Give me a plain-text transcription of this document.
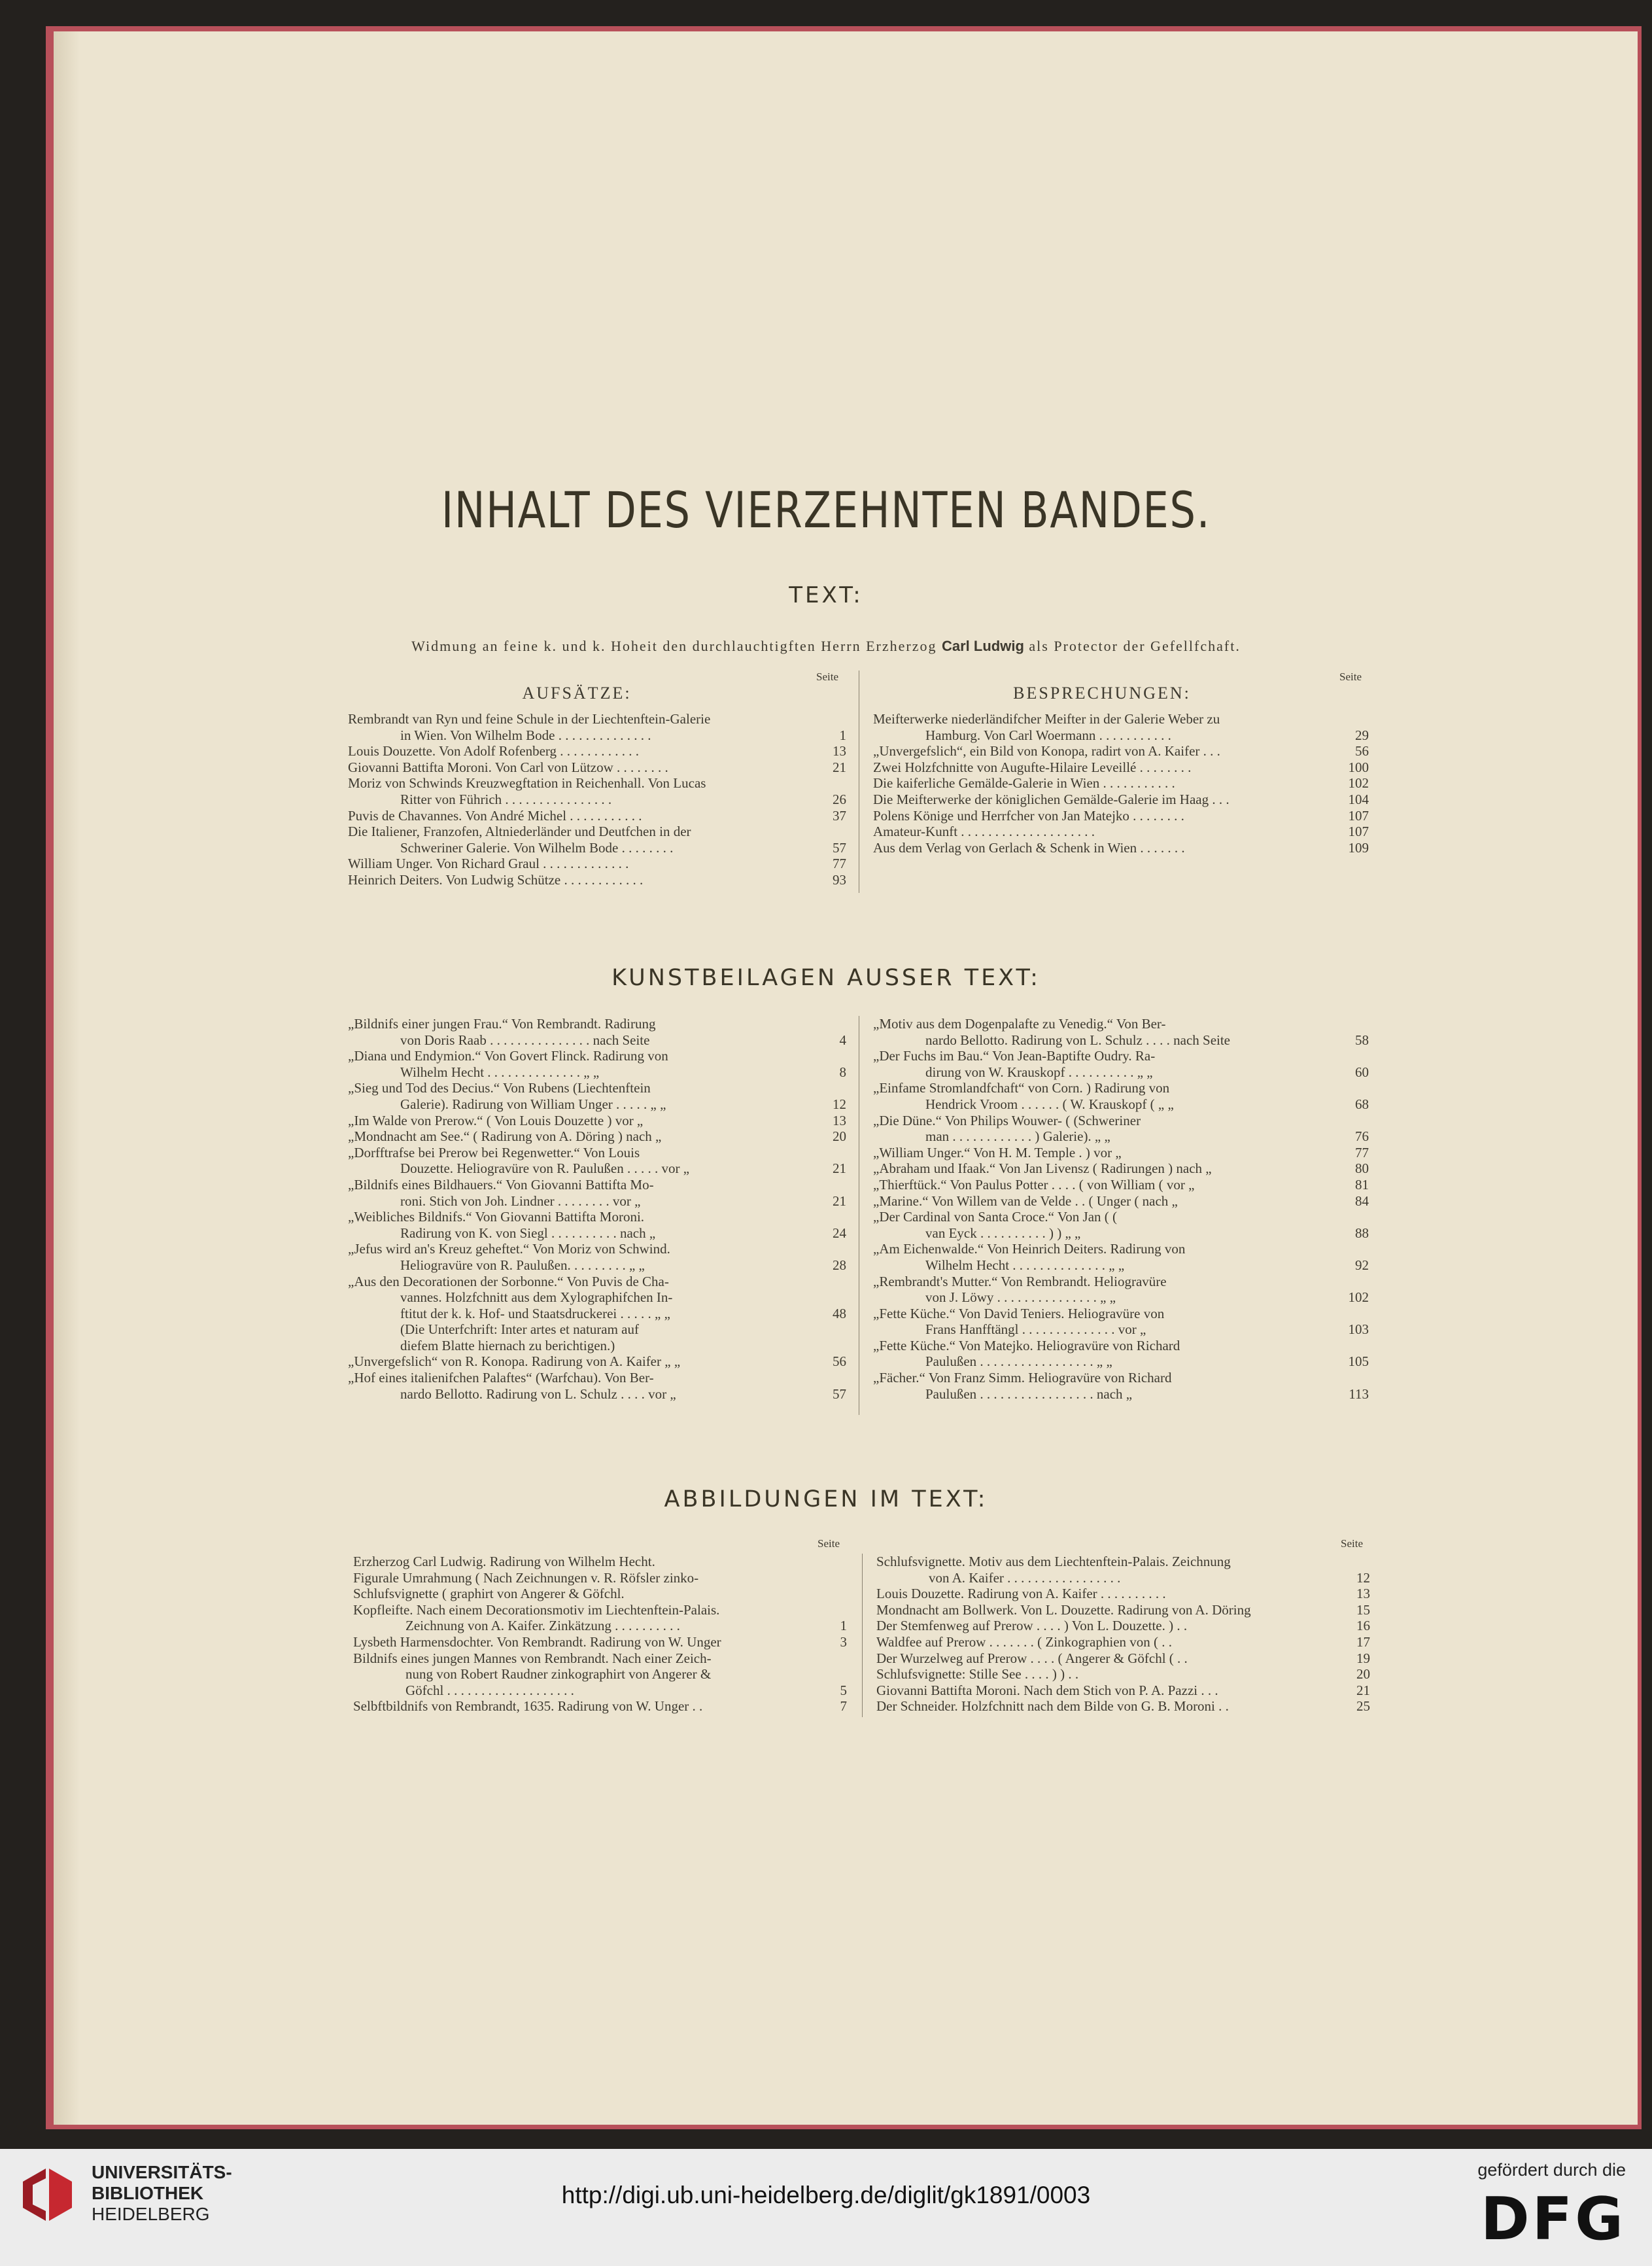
INHALT DES VIERZEHNTEN BANDES.
TEXT:
Widmung an feine k. und k. Hoheit den durchlauchtigften Herrn Erzherzog Carl Ludwig als Protector der Gefellfchaft.
Seite	Seite
AUFSÄTZE:	BESPRECHUNGEN:
Rembrandt van Ryn und feine Schule in der Liechtenftein-Galerie
in Wien. Von Wilhelm Bode . . . . . . . . . . . . . .	1
Louis Douzette. Von Adolf Rofenberg . . . . . . . . . . . .	13
Giovanni Battifta Moroni. Von Carl von Lützow . . . . . . . .	21
Moriz von Schwinds Kreuzwegftation in Reichenhall. Von Lucas
Ritter von Führich . . . . . . . . . . . . . . . .	26
Puvis de Chavannes. Von André Michel . . . . . . . . . . .	37
Die Italiener, Franzofen, Altniederländer und Deutfchen in der
Schweriner Galerie. Von Wilhelm Bode . . . . . . . .	57
William Unger. Von Richard Graul . . . . . . . . . . . . .	77
Heinrich Deiters. Von Ludwig Schütze . . . . . . . . . . . .	93
Meifterwerke niederländifcher Meifter in der Galerie Weber zu
Hamburg. Von Carl Woermann . . . . . . . . . . .	29
„Unvergefslich“, ein Bild von Konopa, radirt von A. Kaifer . . .	56
Zwei Holzfchnitte von Augufte-Hilaire Leveillé . . . . . . . .	100
Die kaiferliche Gemälde-Galerie in Wien . . . . . . . . . . .	102
Die Meifterwerke der königlichen Gemälde-Galerie im Haag . . .	104
Polens Könige und Herrfcher von Jan Matejko . . . . . . . .	107
Amateur-Kunft . . . . . . . . . . . . . . . . . . . .	107
Aus dem Verlag von Gerlach & Schenk in Wien . . . . . . .	109
KUNSTBEILAGEN AUSSER TEXT:
„Bildnifs einer jungen Frau.“ Von Rembrandt. Radirung
von Doris Raab . . . . . . . . . . . . . . . nach Seite	4
„Diana und Endymion.“ Von Govert Flinck. Radirung von
Wilhelm Hecht . . . . . . . . . . . . . . „ „	8
„Sieg und Tod des Decius.“ Von Rubens (Liechtenftein
Galerie). Radirung von William Unger . . . . . „ „	12
„Im Walde von Prerow.“ ( Von Louis Douzette ) vor „	13
„Mondnacht am See.“ ( Radirung von A. Döring ) nach „	20
„Dorfftrafse bei Prerow bei Regenwetter.“ Von Louis
Douzette. Heliogravüre von R. Paulußen . . . . . vor „	21
„Bildnifs eines Bildhauers.“ Von Giovanni Battifta Mo-
roni. Stich von Joh. Lindner . . . . . . . . vor „	21
„Weibliches Bildnifs.“ Von Giovanni Battifta Moroni.
Radirung von K. von Siegl . . . . . . . . . . nach „	24
„Jefus wird an's Kreuz geheftet.“ Von Moriz von Schwind.
Heliogravüre von R. Paulußen. . . . . . . . . „ „	28
„Aus den Decorationen der Sorbonne.“ Von Puvis de Cha-
vannes. Holzfchnitt aus dem Xylographifchen In-
ftitut der k. k. Hof- und Staatsdruckerei . . . . . „ „	48
(Die Unterfchrift: Inter artes et naturam auf
diefem Blatte hiernach zu berichtigen.)
„Unvergefslich“ von R. Konopa. Radirung von A. Kaifer „ „	56
„Hof eines italienifchen Palaftes“ (Warfchau). Von Ber-
nardo Bellotto. Radirung von L. Schulz . . . . vor „	57
„Motiv aus dem Dogenpalafte zu Venedig.“ Von Ber-
nardo Bellotto. Radirung von L. Schulz . . . . nach Seite	58
„Der Fuchs im Bau.“ Von Jean-Baptifte Oudry. Ra-
dirung von W. Krauskopf . . . . . . . . . . „ „	60
„Einfame Stromlandfchaft“ von Corn. ) Radirung von
Hendrick Vroom . . . . . . ( W. Krauskopf ( „ „	68
„Die Düne.“ Von Philips Wouwer- ( (Schweriner
man . . . . . . . . . . . . ) Galerie). „ „	76
„William Unger.“ Von H. M. Temple . ) vor „	77
„Abraham und Ifaak.“ Von Jan Livensz ( Radirungen ) nach „	80
„Thierftück.“ Von Paulus Potter . . . . ( von William ( vor „	81
„Marine.“ Von Willem van de Velde . . ( Unger ( nach „	84
„Der Cardinal von Santa Croce.“ Von Jan ( (
van Eyck . . . . . . . . . . ) ) „ „	88
„Am Eichenwalde.“ Von Heinrich Deiters. Radirung von
Wilhelm Hecht . . . . . . . . . . . . . . „ „	92
„Rembrandt's Mutter.“ Von Rembrandt. Heliogravüre
von J. Löwy . . . . . . . . . . . . . . . „ „	102
„Fette Küche.“ Von David Teniers. Heliogravüre von
Frans Hanfftängl . . . . . . . . . . . . . . vor „	103
„Fette Küche.“ Von Matejko. Heliogravüre von Richard
Paulußen . . . . . . . . . . . . . . . . . „ „	105
„Fächer.“ Von Franz Simm. Heliogravüre von Richard
Paulußen . . . . . . . . . . . . . . . . . nach „	113
ABBILDUNGEN IM TEXT:
Seite	Seite
Erzherzog Carl Ludwig. Radirung von Wilhelm Hecht.
Figurale Umrahmung ( Nach Zeichnungen v. R. Röfsler zinko-
Schlufsvignette ( graphirt von Angerer & Göfchl.
Kopfleifte. Nach einem Decorationsmotiv im Liechtenftein-Palais.
Zeichnung von A. Kaifer. Zinkätzung . . . . . . . . . .	1
Lysbeth Harmensdochter. Von Rembrandt. Radirung von W. Unger	3
Bildnifs eines jungen Mannes von Rembrandt. Nach einer Zeich-
nung von Robert Raudner zinkographirt von Angerer &
Göfchl . . . . . . . . . . . . . . . . . . .	5
Selbftbildnifs von Rembrandt, 1635. Radirung von W. Unger . .	7
Schlufsvignette. Motiv aus dem Liechtenftein-Palais. Zeichnung
von A. Kaifer . . . . . . . . . . . . . . . . .	12
Louis Douzette. Radirung von A. Kaifer . . . . . . . . . .	13
Mondnacht am Bollwerk. Von L. Douzette. Radirung von A. Döring	15
Der Stemfenweg auf Prerow . . . . ) Von L. Douzette. ) . .	16
Waldfee auf Prerow . . . . . . . ( Zinkographien von ( . .	17
Der Wurzelweg auf Prerow . . . . ( Angerer & Göfchl ( . .	19
Schlufsvignette: Stille See . . . . ) ) . .	20
Giovanni Battifta Moroni. Nach dem Stich von P. A. Pazzi . . .	21
Der Schneider. Holzfchnitt nach dem Bilde von G. B. Moroni . .	25
UNIVERSITÄTS-
BIBLIOTHEK
HEIDELBERG
http://digi.ub.uni-heidelberg.de/diglit/gk1891/0003
gefördert durch die
DFG
